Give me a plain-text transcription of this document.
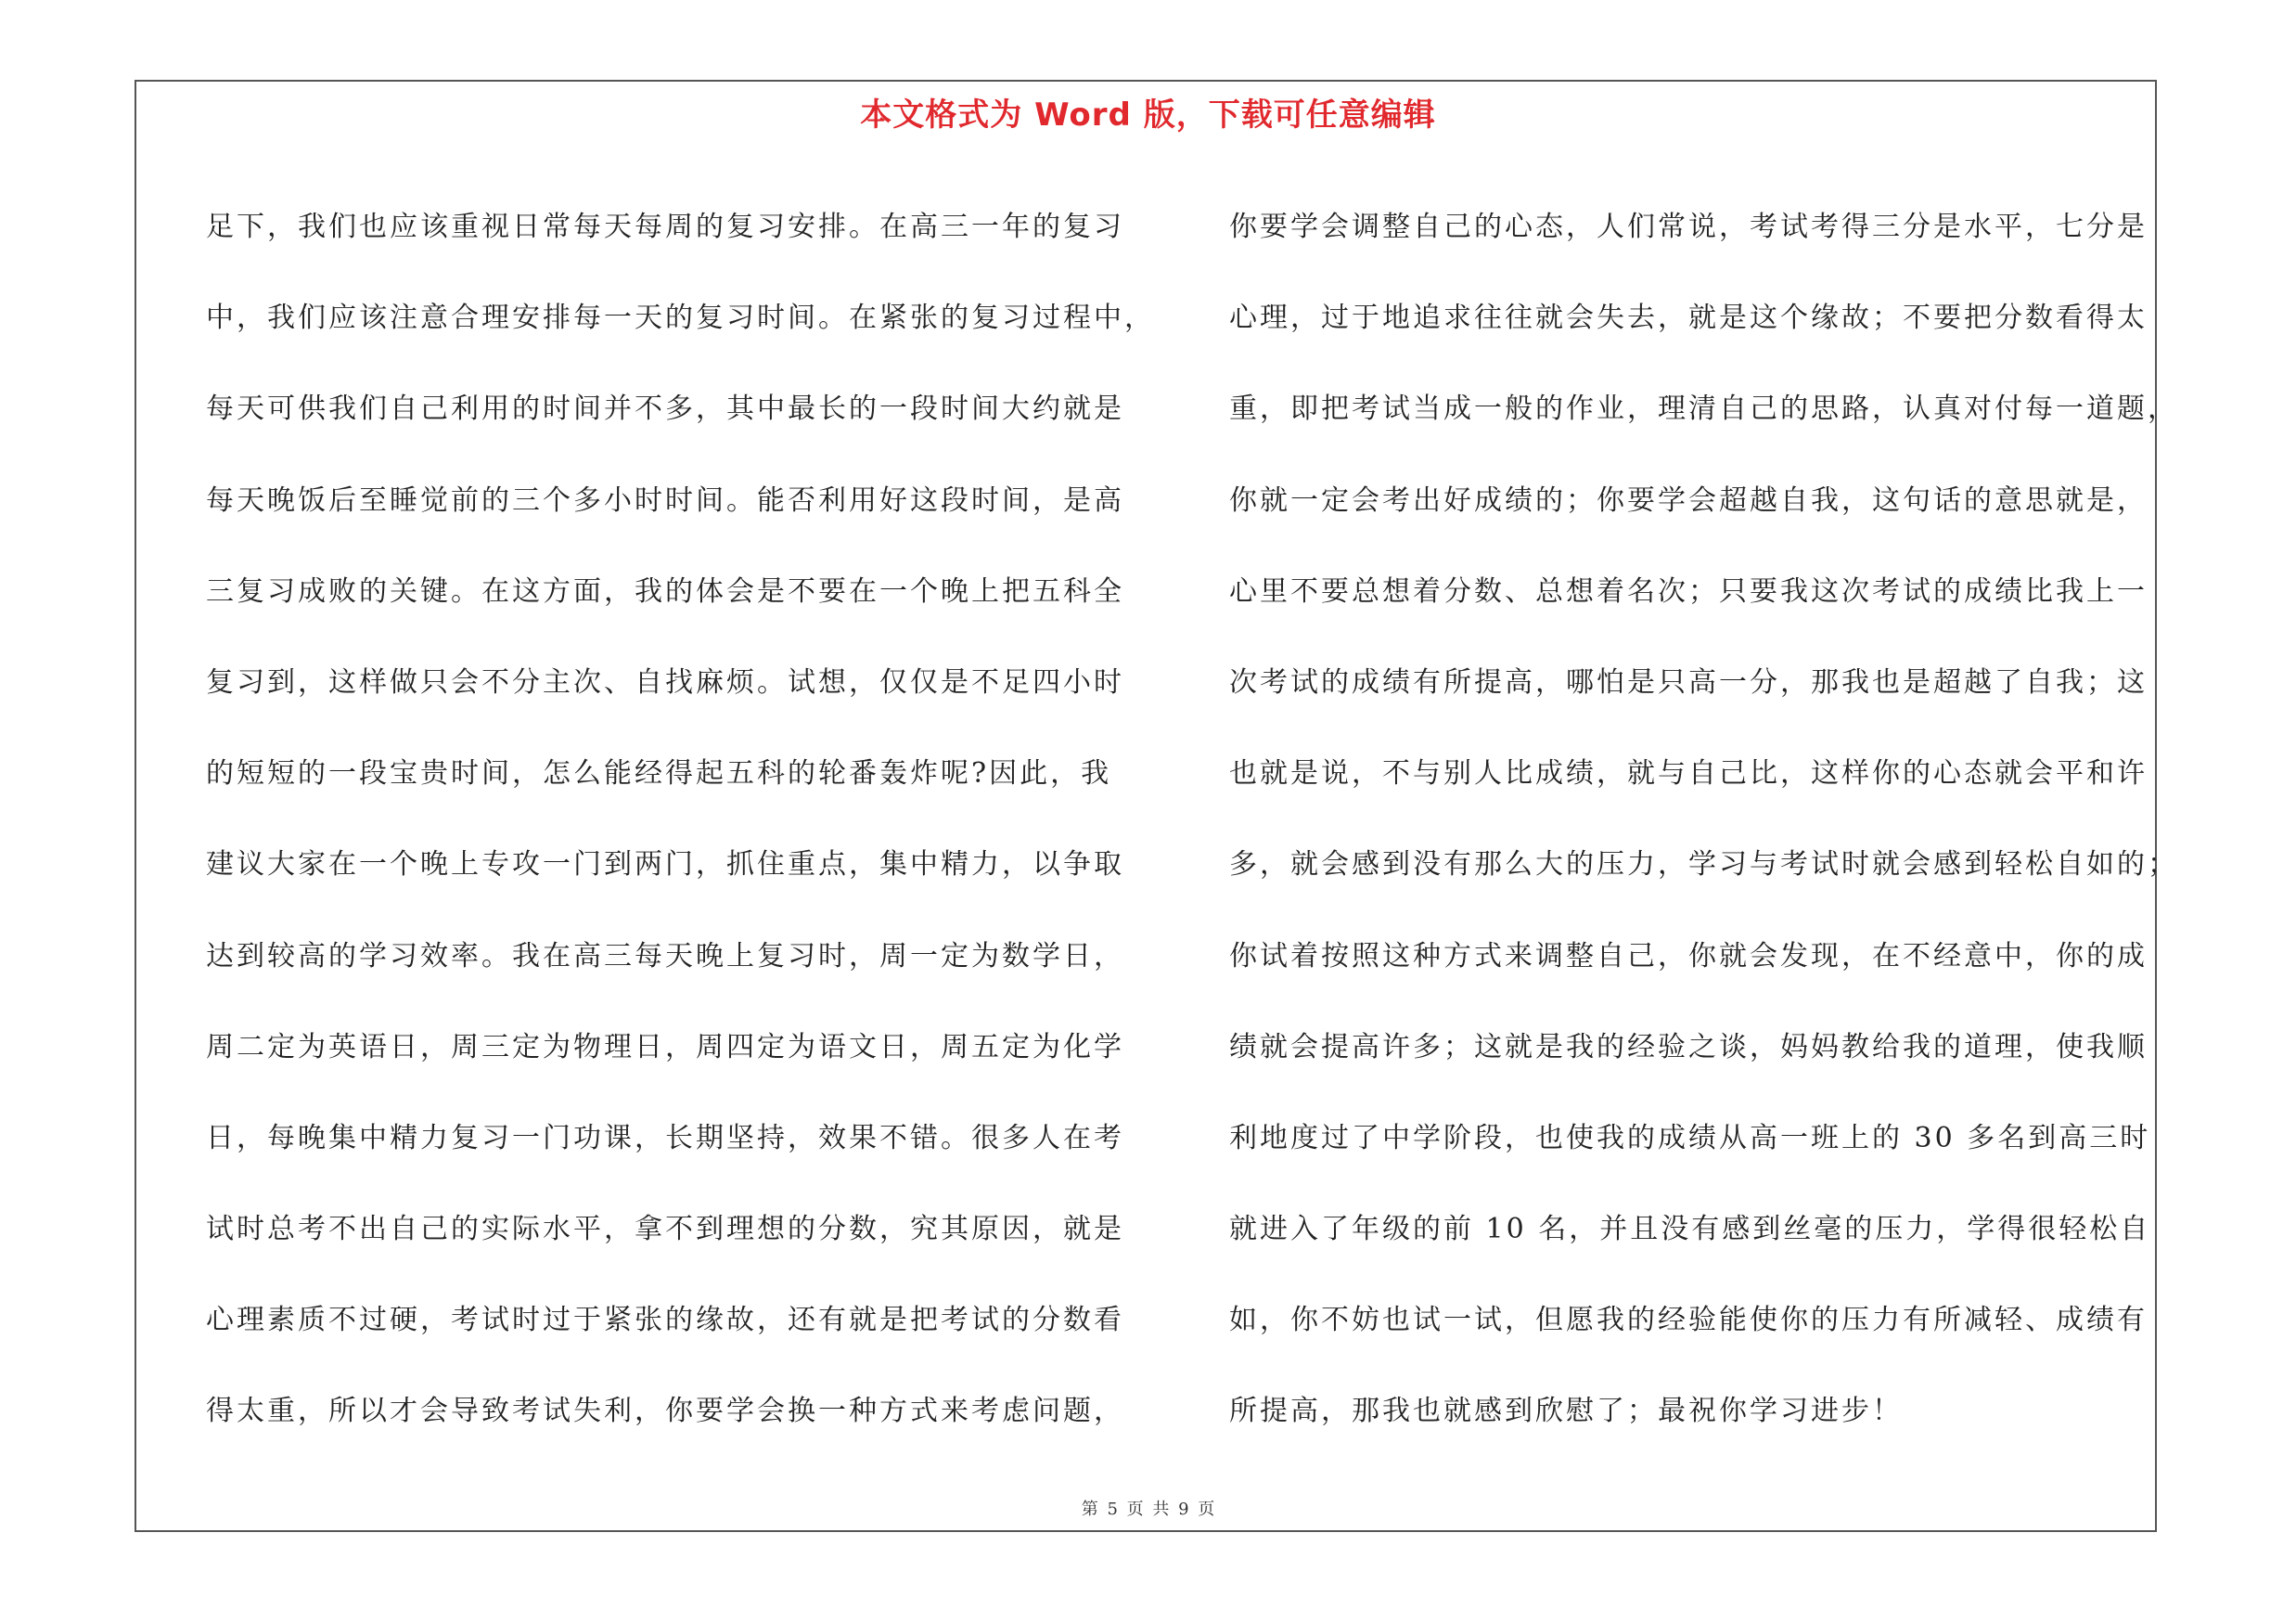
本文格式为 Word 版，下载可任意编辑
足下，我们也应该重视日常每天每周的复习安排。在高三一年的复习
中，我们应该注意合理安排每一天的复习时间。在紧张的复习过程中，
每天可供我们自己利用的时间并不多，其中最长的一段时间大约就是
每天晚饭后至睡觉前的三个多小时时间。能否利用好这段时间，是高
三复习成败的关键。在这方面，我的体会是不要在一个晚上把五科全
复习到，这样做只会不分主次、自找麻烦。试想，仅仅是不足四小时
的短短的一段宝贵时间，怎么能经得起五科的轮番轰炸呢?因此，我
建议大家在一个晚上专攻一门到两门，抓住重点，集中精力，以争取
达到较高的学习效率。我在高三每天晚上复习时，周一定为数学日，
周二定为英语日，周三定为物理日，周四定为语文日，周五定为化学
日，每晚集中精力复习一门功课，长期坚持，效果不错。很多人在考
试时总考不出自己的实际水平，拿不到理想的分数，究其原因，就是
心理素质不过硬，考试时过于紧张的缘故，还有就是把考试的分数看
得太重，所以才会导致考试失利，你要学会换一种方式来考虑问题，
你要学会调整自己的心态，人们常说，考试考得三分是水平，七分是
心理，过于地追求往往就会失去，就是这个缘故；不要把分数看得太
重，即把考试当成一般的作业，理清自己的思路，认真对付每一道题，
你就一定会考出好成绩的；你要学会超越自我，这句话的意思就是，
心里不要总想着分数、总想着名次；只要我这次考试的成绩比我上一
次考试的成绩有所提高，哪怕是只高一分，那我也是超越了自我；这
也就是说，不与别人比成绩，就与自己比，这样你的心态就会平和许
多，就会感到没有那么大的压力，学习与考试时就会感到轻松自如的；
你试着按照这种方式来调整自己，你就会发现，在不经意中，你的成
绩就会提高许多；这就是我的经验之谈，妈妈教给我的道理，使我顺
利地度过了中学阶段，也使我的成绩从高一班上的 30 多名到高三时
就进入了年级的前 10 名，并且没有感到丝毫的压力，学得很轻松自
如，你不妨也试一试，但愿我的经验能使你的压力有所减轻、成绩有
所提高，那我也就感到欣慰了；最祝你学习进步！
第 5 页 共 9 页
